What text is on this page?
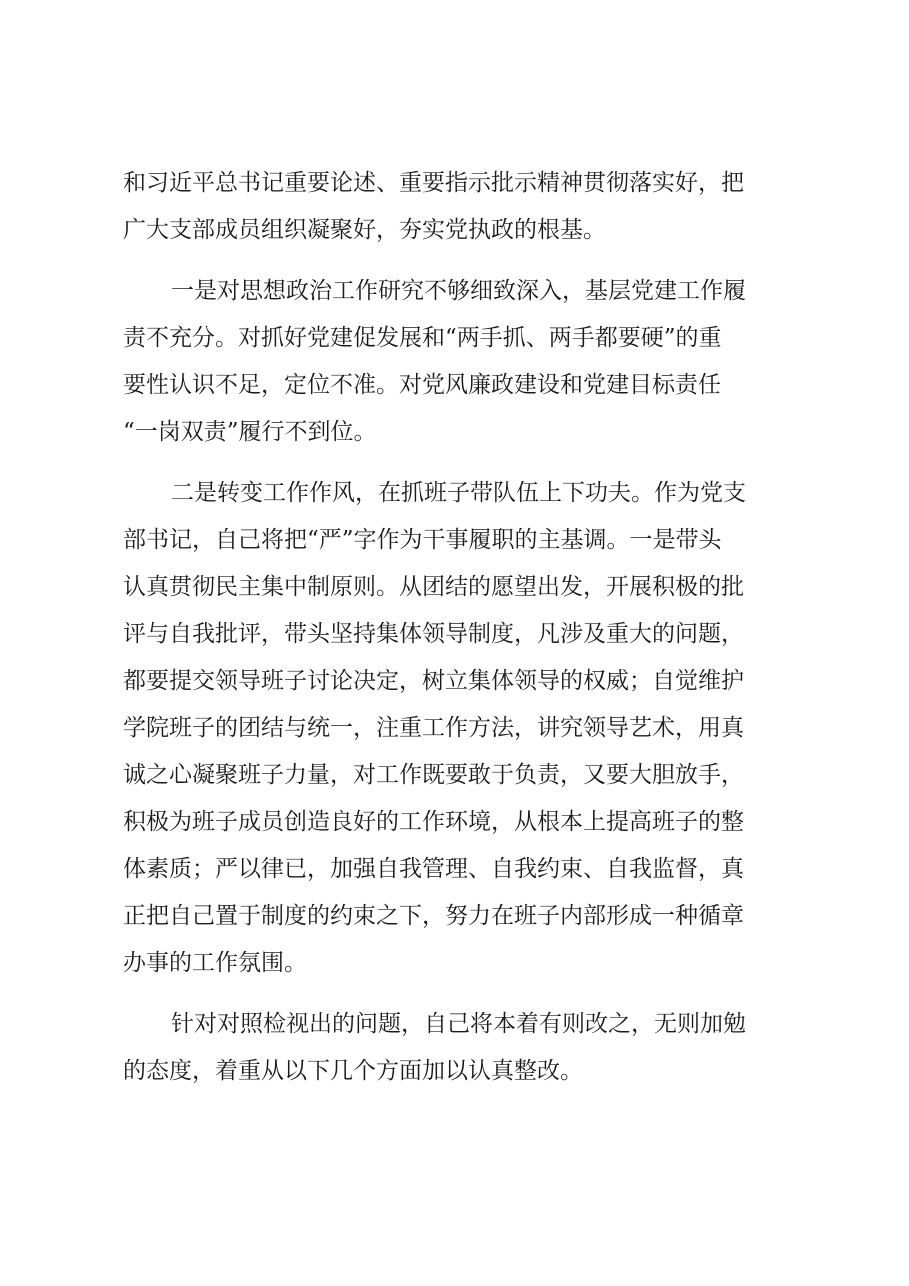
和习近平总书记重要论述、重要指示批示精神贯彻落实好，把
广大支部成员组织凝聚好，夯实党执政的根基。
一是对思想政治工作研究不够细致深入，基层党建工作履
责不充分。对抓好党建促发展和“两手抓、两手都要硬”的重
要性认识不足，定位不准。对党风廉政建设和党建目标责任
“一岗双责”履行不到位。
二是转变工作作风，在抓班子带队伍上下功夫。作为党支
部书记，自己将把“严”字作为干事履职的主基调。一是带头
认真贯彻民主集中制原则。从团结的愿望出发，开展积极的批
评与自我批评，带头坚持集体领导制度，凡涉及重大的问题，
都要提交领导班子讨论决定，树立集体领导的权威；自觉维护
学院班子的团结与统一，注重工作方法，讲究领导艺术，用真
诚之心凝聚班子力量，对工作既要敢于负责，又要大胆放手，
积极为班子成员创造良好的工作环境，从根本上提高班子的整
体素质；严以律已，加强自我管理、自我约束、自我监督，真
正把自己置于制度的约束之下，努力在班子内部形成一种循章
办事的工作氛围。
针对对照检视出的问题，自己将本着有则改之，无则加勉
的态度，着重从以下几个方面加以认真整改。
